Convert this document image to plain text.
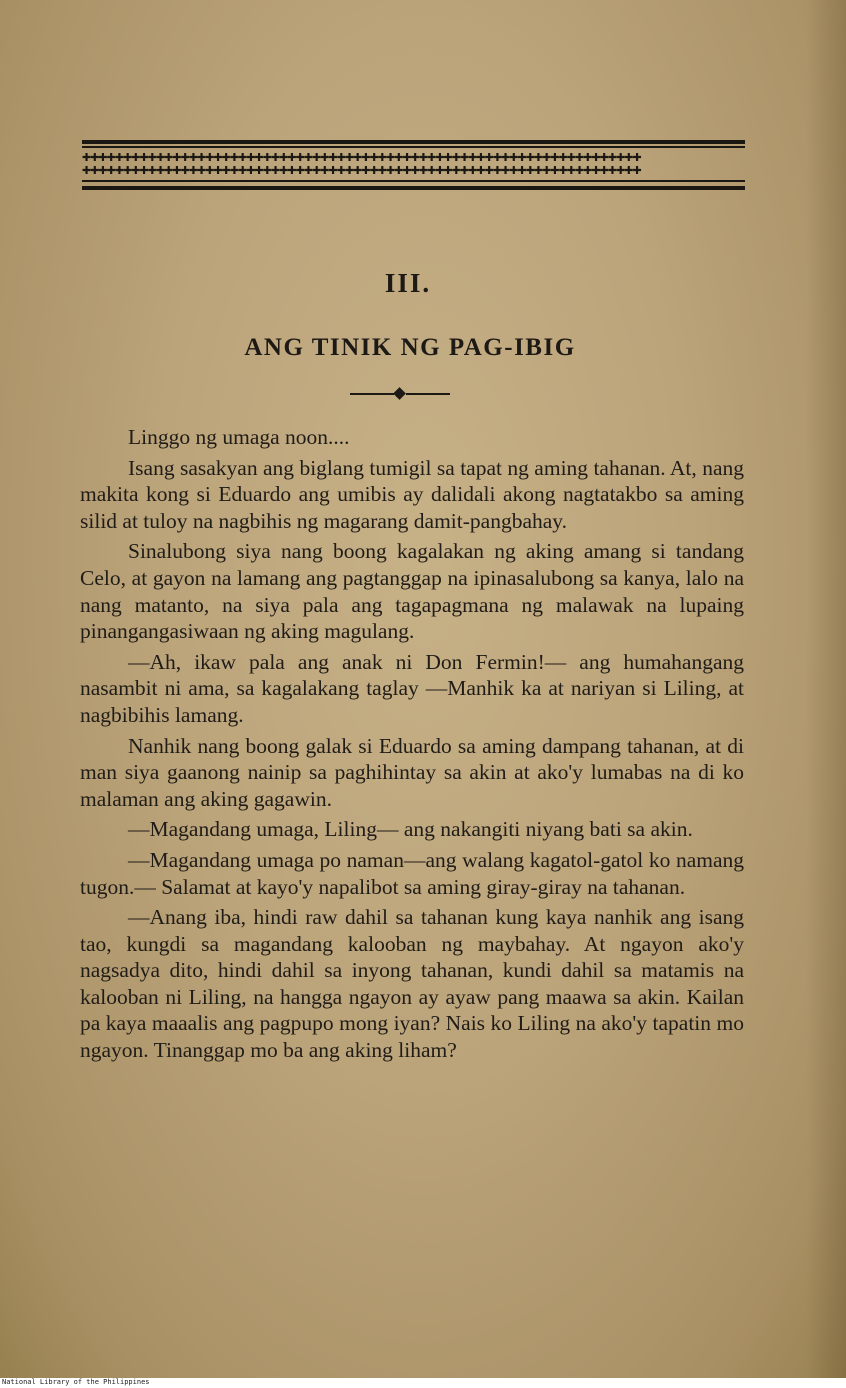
✚✚✚✚✚✚✚✚✚✚✚✚✚✚✚✚✚✚✚✚✚✚✚✚✚✚✚✚✚✚✚✚✚✚✚✚✚✚✚✚✚✚✚✚✚✚✚✚✚✚✚✚✚✚✚✚✚✚✚✚✚✚✚✚✚✚✚✚
✚✚✚✚✚✚✚✚✚✚✚✚✚✚✚✚✚✚✚✚✚✚✚✚✚✚✚✚✚✚✚✚✚✚✚✚✚✚✚✚✚✚✚✚✚✚✚✚✚✚✚✚✚✚✚✚✚✚✚✚✚✚✚✚✚✚✚✚
III.
ANG TINIK NG PAG-IBIG

Linggo ng umaga noon....

Isang sasakyan ang biglang tumigil sa tapat ng aming tahanan. At, nang makita kong si Eduardo ang umibis ay dalidali akong nagtatakbo sa aming silid at tuloy na nagbihis ng magarang damit-pangbahay.

Sinalubong siya nang boong kagalakan ng aking amang si tandang Celo, at gayon na lamang ang pagtanggap na ipinasalubong sa kanya, lalo na nang matanto, na siya pala ang tagapagmana ng malawak na lupaing pinangangasiwaan ng aking magulang.

—Ah, ikaw pala ang anak ni Don Fermin!— ang humahangang nasambit ni ama, sa kagalakang taglay —Manhik ka at nariyan si Liling, at nagbibihis lamang.

Nanhik nang boong galak si Eduardo sa aming dampang tahanan, at di man siya gaanong nainip sa paghihintay sa akin at ako'y lumabas na di ko malaman ang aking gagawin.

—Magandang umaga, Liling— ang nakangiti niyang bati sa akin.

—Magandang umaga po naman—ang walang kagatol-gatol ko namang tugon.— Salamat at kayo'y napalibot sa aming giray-giray na tahanan.

—Anang iba, hindi raw dahil sa tahanan kung kaya nanhik ang isang tao, kungdi sa magandang kalooban ng maybahay. At ngayon ako'y nagsadya dito, hindi dahil sa inyong tahanan, kundi dahil sa matamis na kalooban ni Liling, na hangga ngayon ay ayaw pang maawa sa akin. Kailan pa kaya maaalis ang pagpupo mong iyan? Nais ko Liling na ako'y tapatin mo ngayon. Tinanggap mo ba ang aking liham?

National Library of the Philippines
